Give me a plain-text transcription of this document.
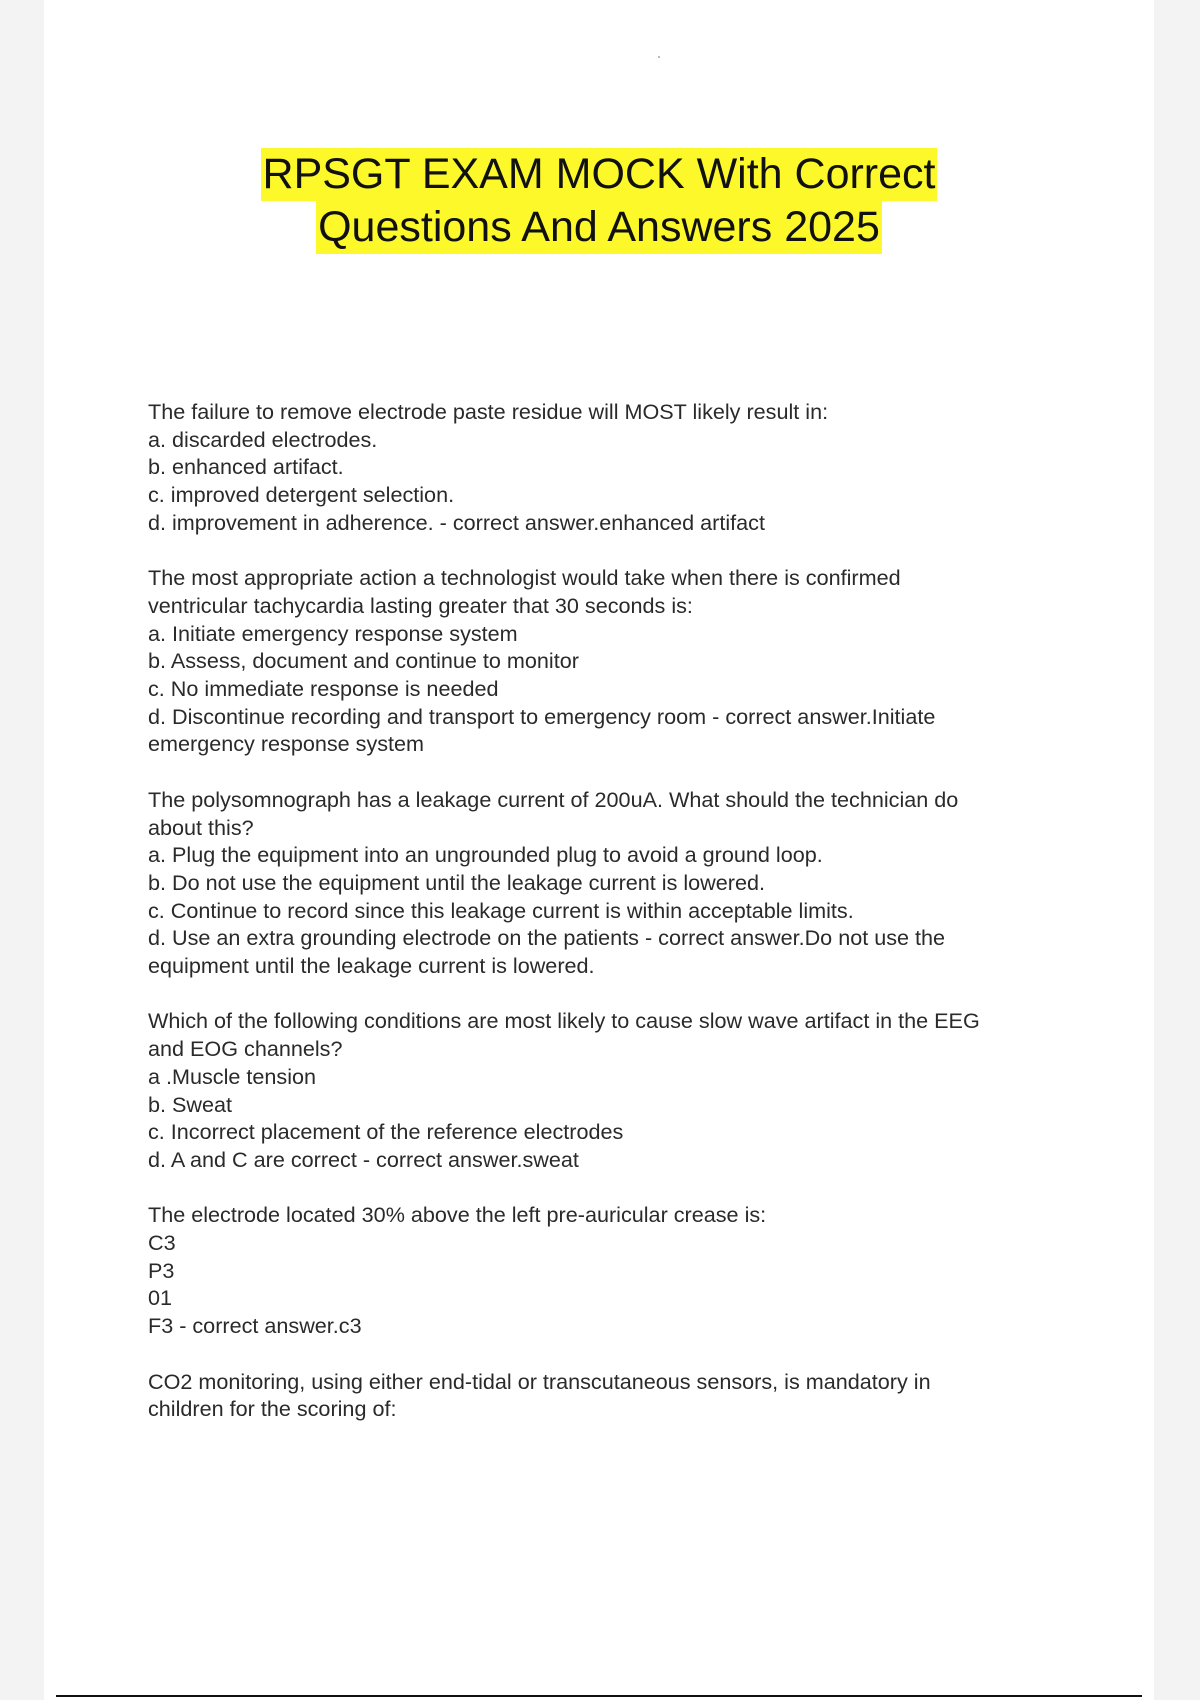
RPSGT EXAM MOCK With Correct
Questions And Answers 2025

The failure to remove electrode paste residue will MOST likely result in:

a. discarded electrodes.

b. enhanced artifact.

c. improved detergent selection.

d. improvement in adherence. - correct answer.enhanced artifact

The most appropriate action a technologist would take when there is confirmed

ventricular tachycardia lasting greater that 30 seconds is:

a. Initiate emergency response system

b. Assess, document and continue to monitor

c. No immediate response is needed

d. Discontinue recording and transport to emergency room - correct answer.Initiate

emergency response system

The polysomnograph has a leakage current of 200uA. What should the technician do

about this?

a. Plug the equipment into an ungrounded plug to avoid a ground loop.

b. Do not use the equipment until the leakage current is lowered.

c. Continue to record since this leakage current is within acceptable limits.

d. Use an extra grounding electrode on the patients - correct answer.Do not use the

equipment until the leakage current is lowered.

Which of the following conditions are most likely to cause slow wave artifact in the EEG

and EOG channels?

a .Muscle tension

b. Sweat

c. Incorrect placement of the reference electrodes

d. A and C are correct - correct answer.sweat

The electrode located 30% above the left pre-auricular crease is:

C3

P3

01

F3 - correct answer.c3

CO2 monitoring, using either end-tidal or transcutaneous sensors, is mandatory in

children for the scoring of:
